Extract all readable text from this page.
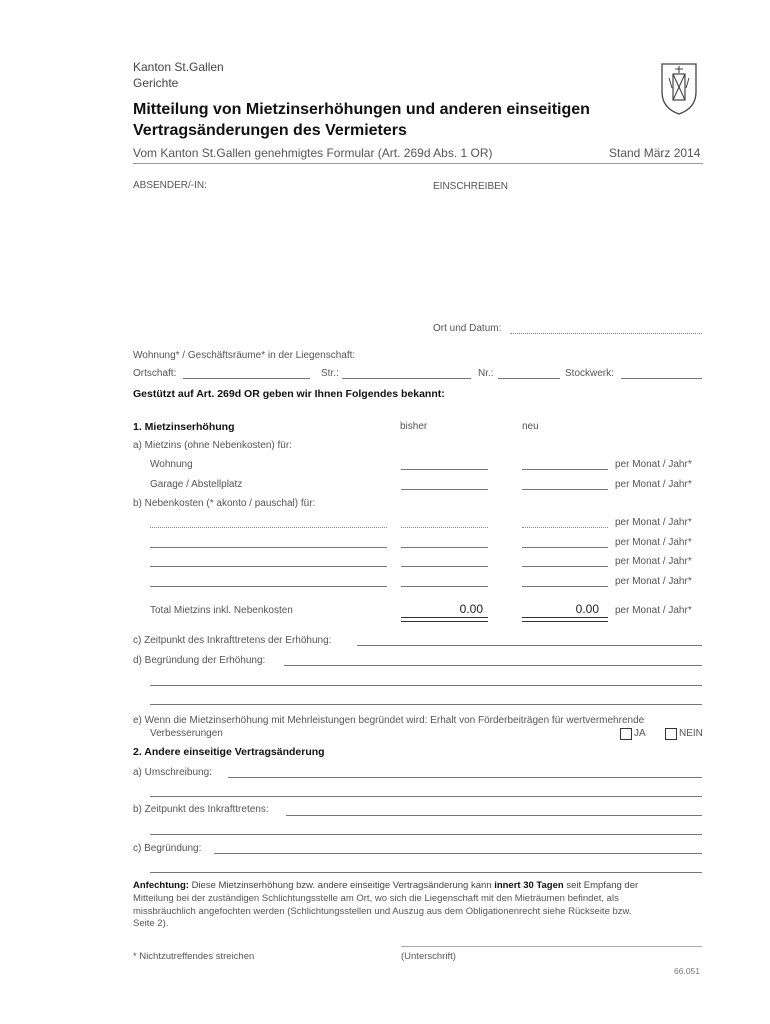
Kanton St.Gallen
Gerichte
Mitteilung von Mietzinserhöhungen und anderen einseitigen
Vertragsänderungen des Vermieters
Vom Kanton St.Gallen genehmigtes Formular (Art. 269d Abs. 1 OR)	Stand März 2014
ABSENDER/-IN:	EINSCHREIBEN
Ort und Datum:
Wohnung* / Geschäftsräume* in der Liegenschaft:
Ortschaft:	Str.:	Nr.:	Stockwerk:
Gestützt auf Art. 269d OR geben wir Ihnen Folgendes bekannt:
1. Mietzinserhöhung	bisher	neu
a) Mietzins (ohne Nebenkosten) für:
Wohnung	per Monat / Jahr*
Garage / Abstellplatz	per Monat / Jahr*
b) Nebenkosten (* akonto / pauschal) für:
per Monat / Jahr*
per Monat / Jahr*
per Monat / Jahr*
per Monat / Jahr*
Total Mietzins inkl. Nebenkosten	0.00	0.00 per Monat / Jahr*
c) Zeitpunkt des Inkrafttretens der Erhöhung:
d) Begründung der Erhöhung:
e) Wenn die Mietzinserhöhung mit Mehrleistungen begründet wird: Erhalt von Förderbeiträgen für wertvermehrende
Verbesserungen	JA	NEIN
2. Andere einseitige Vertragsänderung
a) Umschreibung:
b) Zeitpunkt des Inkrafttretens:
c) Begründung:
Anfechtung: Diese Mietzinserhöhung bzw. andere einseitige Vertragsänderung kann innert 30 Tagen seit Empfang der
Mitteilung bei der zuständigen Schlichtungsstelle am Ort, wo sich die Liegenschaft mit den Mieträumen befindet, als
missbräuchlich angefochten werden (Schlichtungsstellen und Auszug aus dem Obligationenrecht siehe Rückseite bzw.
Seite 2).
* Nichtzutreffendes streichen	(Unterschrift)
66.051
